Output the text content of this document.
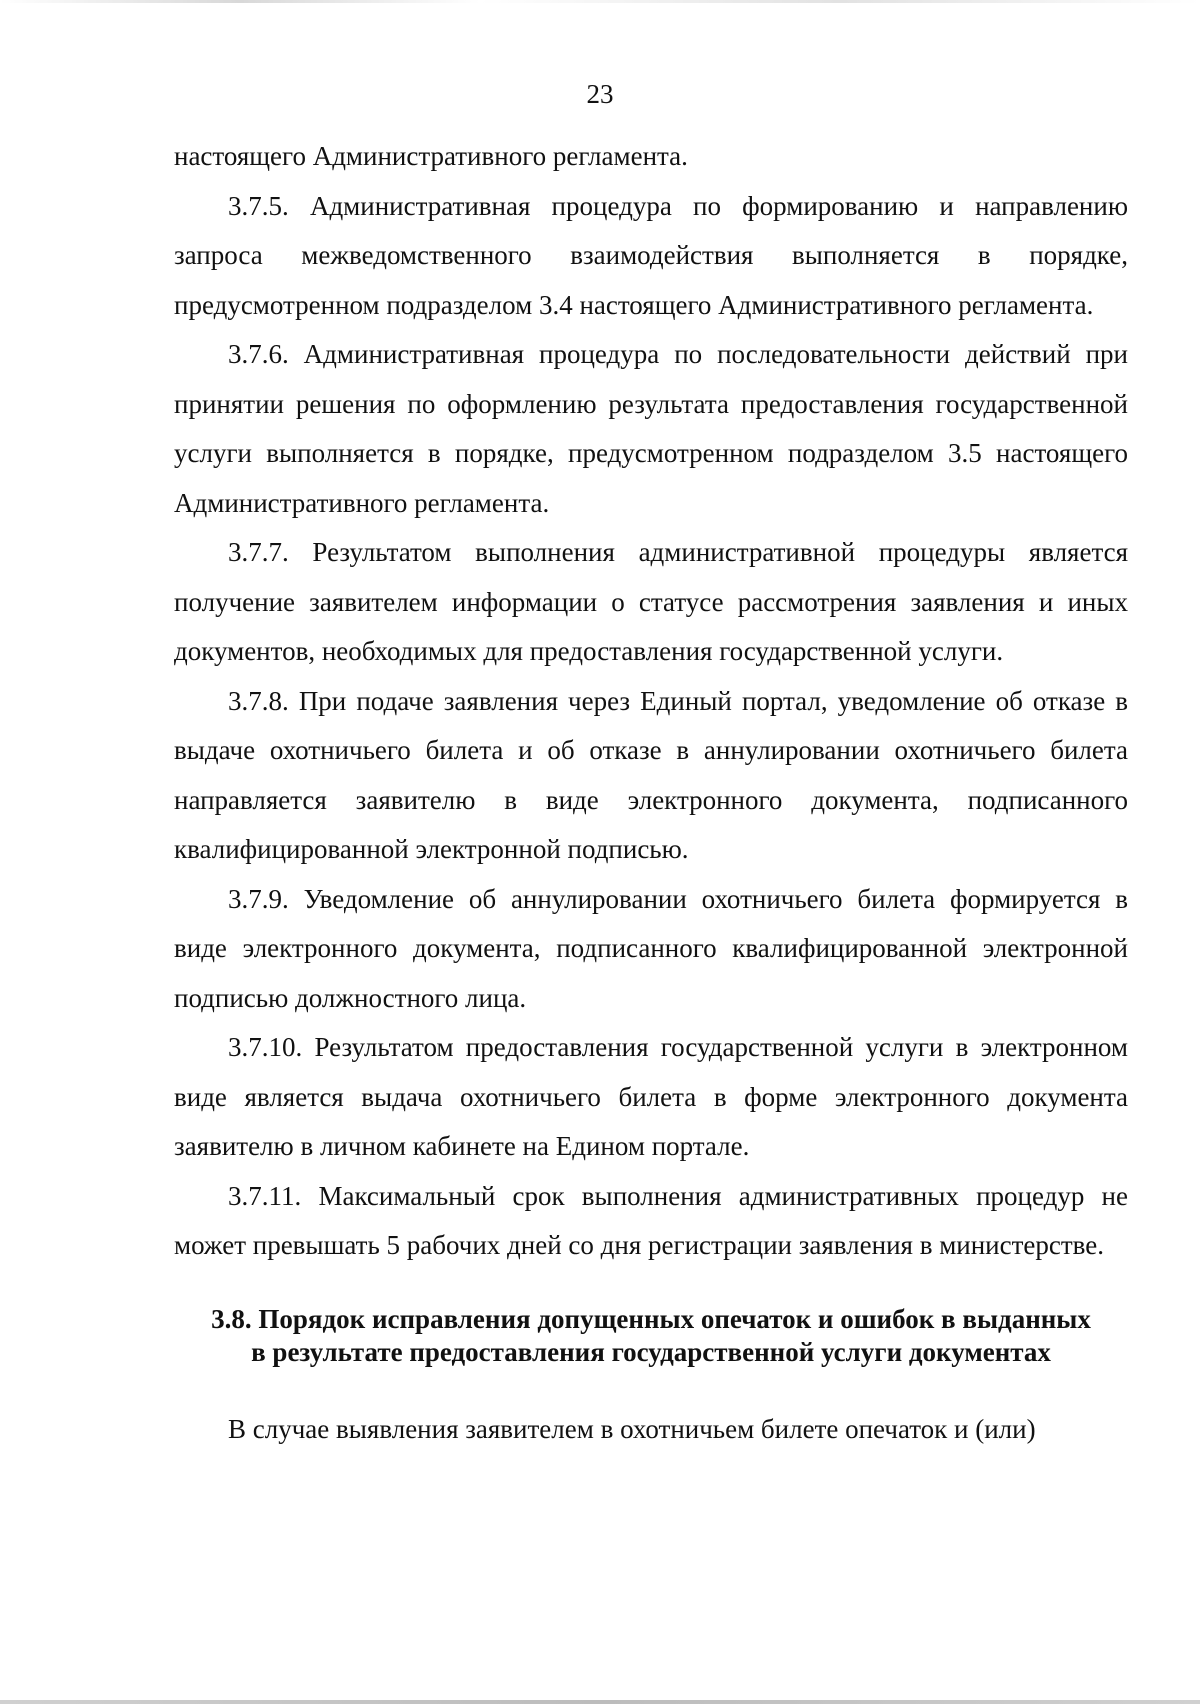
23

настоящего Административного регламента.

3.7.5. Административная процедура по формированию и направлению запроса межведомственного взаимодействия выполняется в порядке, предусмотренном подразделом 3.4 настоящего Административного регламента.

3.7.6. Административная процедура по последовательности действий при принятии решения по оформлению результата предоставления государственной услуги выполняется в порядке, предусмотренном подразделом 3.5 настоящего Административного регламента.

3.7.7. Результатом выполнения административной процедуры является получение заявителем информации о статусе рассмотрения заявления и иных документов, необходимых для предоставления государственной услуги.

3.7.8. При подаче заявления через Единый портал, уведомление об отказе в выдаче охотничьего билета и об отказе в аннулировании охотничьего билета направляется заявителю в виде электронного документа, подписанного квалифицированной электронной подписью.

3.7.9. Уведомление об аннулировании охотничьего билета формируется в виде электронного документа, подписанного квалифицированной электронной подписью должностного лица.

3.7.10. Результатом предоставления государственной услуги в электронном виде является выдача охотничьего билета в форме электронного документа заявителю в личном кабинете на Едином портале.

3.7.11. Максимальный срок выполнения административных процедур не может превышать 5 рабочих дней со дня регистрации заявления в министерстве.

3.8. Порядок исправления допущенных опечаток и ошибок в выданных
в результате предоставления государственной услуги документах

В случае выявления заявителем в охотничьем билете опечаток и (или)
